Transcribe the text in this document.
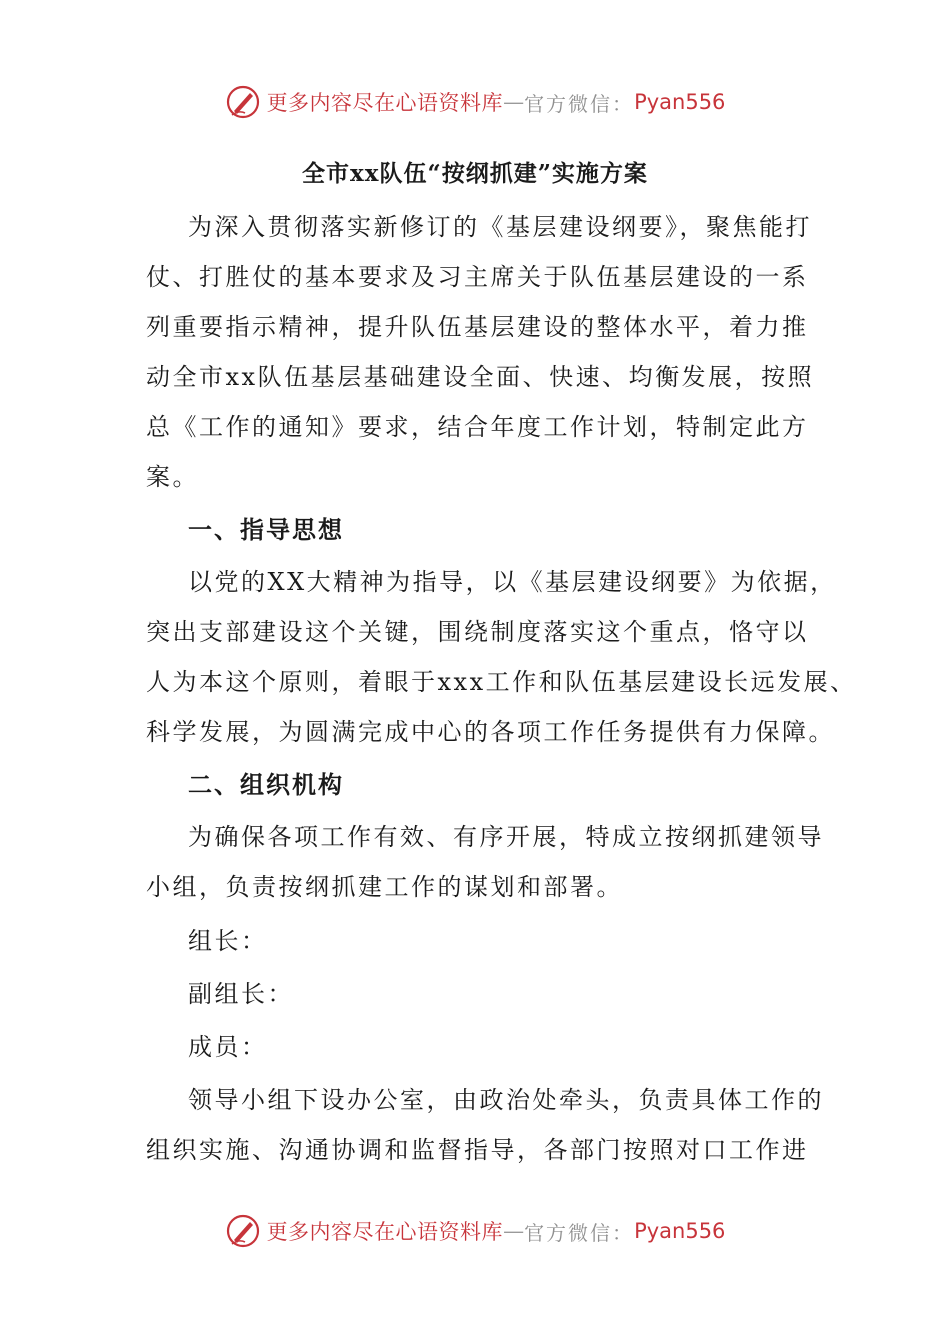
更多内容尽在心语资料库 — 官方微信： Pyan556
全市xx队伍“按纲抓建”实施方案
为深入贯彻落实新修订的《基层建设纲要》，聚焦能打
仗、打胜仗的基本要求及习主席关于队伍基层建设的一系
列重要指示精神，提升队伍基层建设的整体水平，着力推
动全市xx队伍基层基础建设全面、快速、均衡发展，按照
总《工作的通知》要求，结合年度工作计划，特制定此方
案。
一、指导思想
以党的XX大精神为指导，以《基层建设纲要》为依据，
突出支部建设这个关键，围绕制度落实这个重点，恪守以
人为本这个原则，着眼于xxx工作和队伍基层建设长远发展、
科学发展，为圆满完成中心的各项工作任务提供有力保障。
二、组织机构
为确保各项工作有效、有序开展，特成立按纲抓建领导
小组，负责按纲抓建工作的谋划和部署。
组长：
副组长：
成员：
领导小组下设办公室，由政治处牵头，负责具体工作的
组织实施、沟通协调和监督指导，各部门按照对口工作进
更多内容尽在心语资料库 — 官方微信： Pyan556
